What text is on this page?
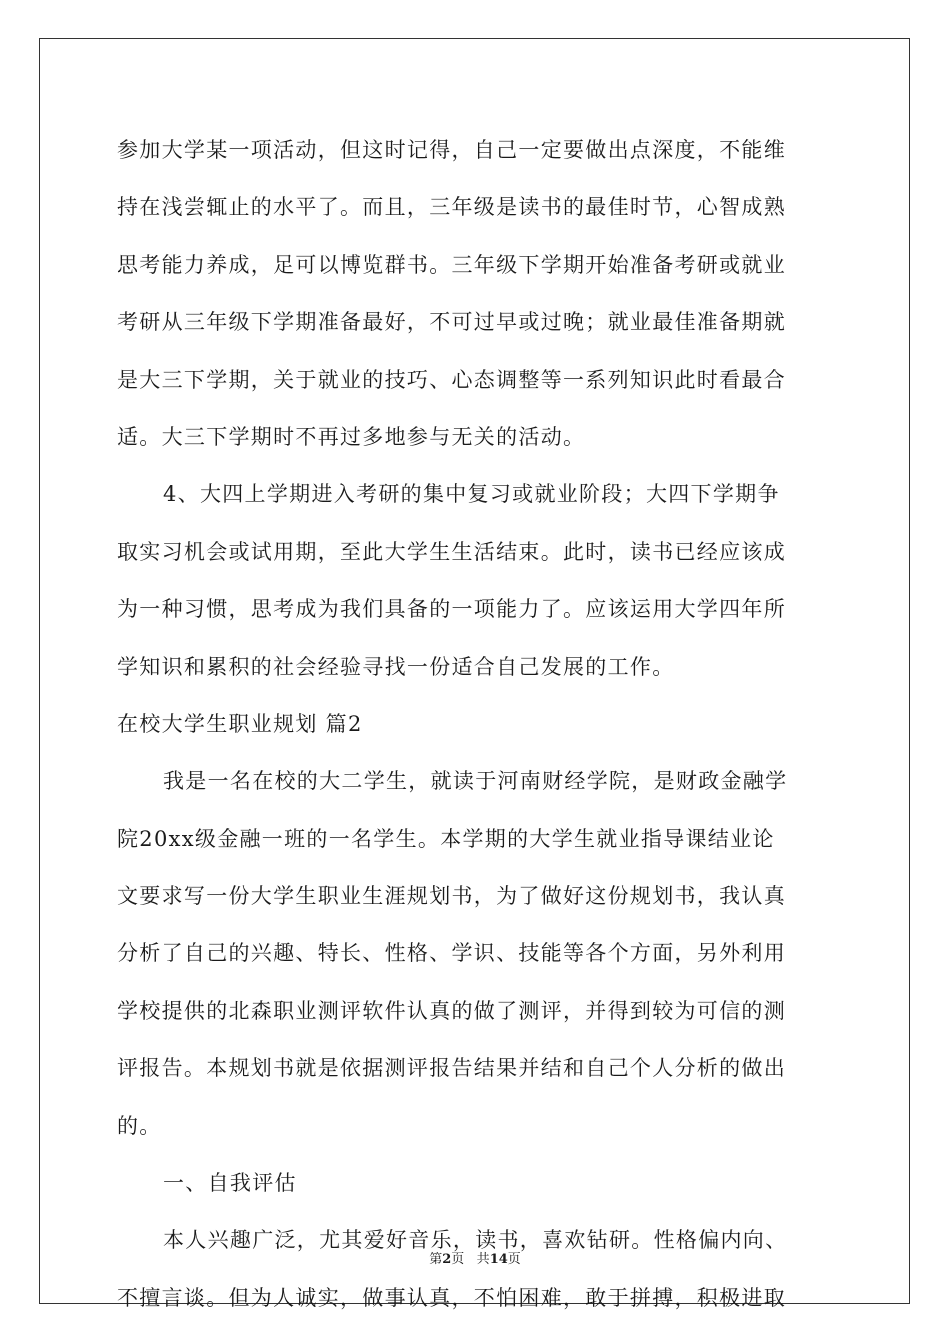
参加大学某一项活动，但这时记得，自己一定要做出点深度，不能维
持在浅尝辄止的水平了。而且，三年级是读书的最佳时节，心智成熟
思考能力养成，足可以博览群书。三年级下学期开始准备考研或就业
考研从三年级下学期准备最好，不可过早或过晚；就业最佳准备期就
是大三下学期，关于就业的技巧、心态调整等一系列知识此时看最合
适。大三下学期时不再过多地参与无关的活动。
4、大四上学期进入考研的集中复习或就业阶段；大四下学期争
取实习机会或试用期，至此大学生生活结束。此时，读书已经应该成
为一种习惯，思考成为我们具备的一项能力了。应该运用大学四年所
学知识和累积的社会经验寻找一份适合自己发展的工作。
在校大学生职业规划 篇2
我是一名在校的大二学生，就读于河南财经学院，是财政金融学
院20xx级金融一班的一名学生。本学期的大学生就业指导课结业论
文要求写一份大学生职业生涯规划书，为了做好这份规划书，我认真
分析了自己的兴趣、特长、性格、学识、技能等各个方面，另外利用
学校提供的北森职业测评软件认真的做了测评，并得到较为可信的测
评报告。本规划书就是依据测评报告结果并结和自己个人分析的做出
的。
一、自我评估
本人兴趣广泛，尤其爱好音乐，读书，喜欢钻研。性格偏内向、
不擅言谈。但为人诚实，做事认真，不怕困难，敢于拼搏，积极进取
第2页 共14页
